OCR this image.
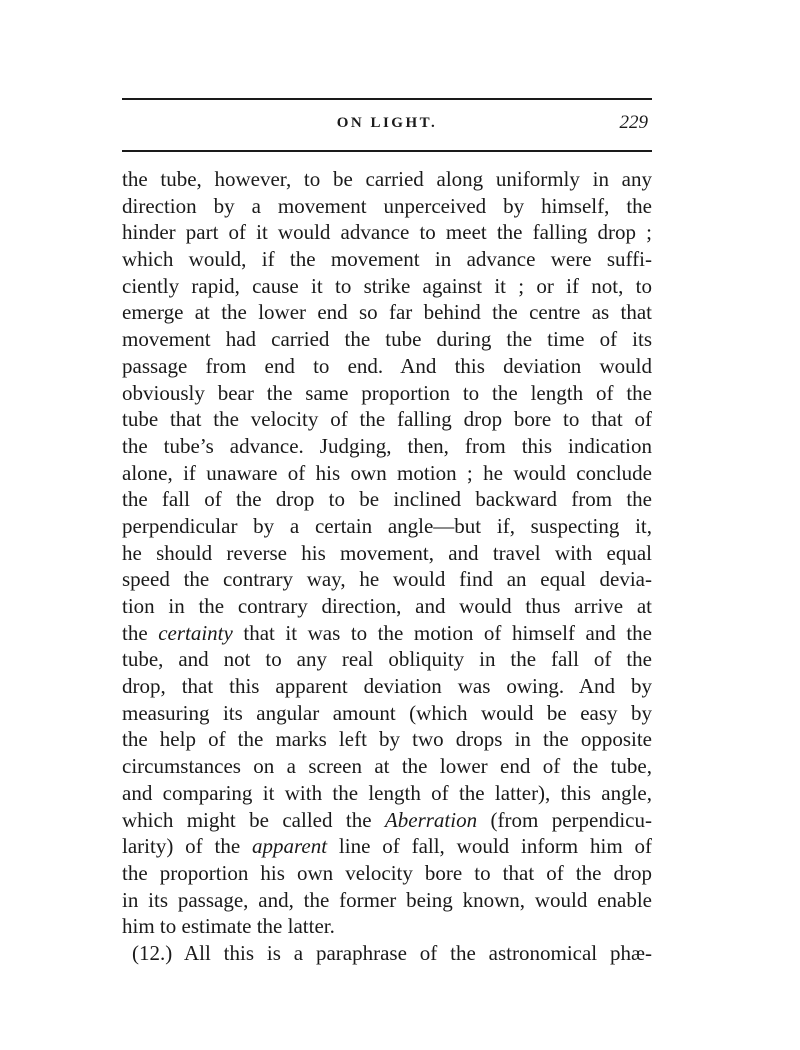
ON LIGHT.	229
the tube, however, to be carried along uniformly in any
direction by a movement unperceived by himself, the
hinder part of it would advance to meet the falling drop ;
which would, if the movement in advance were suffi-
ciently rapid, cause it to strike against it ; or if not, to
emerge at the lower end so far behind the centre as that
movement had carried the tube during the time of its
passage from end to end. And this deviation would
obviously bear the same proportion to the length of the
tube that the velocity of the falling drop bore to that of
the tube’s advance. Judging, then, from this indication
alone, if unaware of his own motion ; he would conclude
the fall of the drop to be inclined backward from the
perpendicular by a certain angle—but if, suspecting it,
he should reverse his movement, and travel with equal
speed the contrary way, he would find an equal devia-
tion in the contrary direction, and would thus arrive at
the certainty that it was to the motion of himself and the
tube, and not to any real obliquity in the fall of the
drop, that this apparent deviation was owing. And by
measuring its angular amount (which would be easy by
the help of the marks left by two drops in the opposite
circumstances on a screen at the lower end of the tube,
and comparing it with the length of the latter), this angle,
which might be called the Aberration (from perpendicu-
larity) of the apparent line of fall, would inform him of
the proportion his own velocity bore to that of the drop
in its passage, and, the former being known, would enable
him to estimate the latter.
(12.) All this is a paraphrase of the astronomical phæ-
